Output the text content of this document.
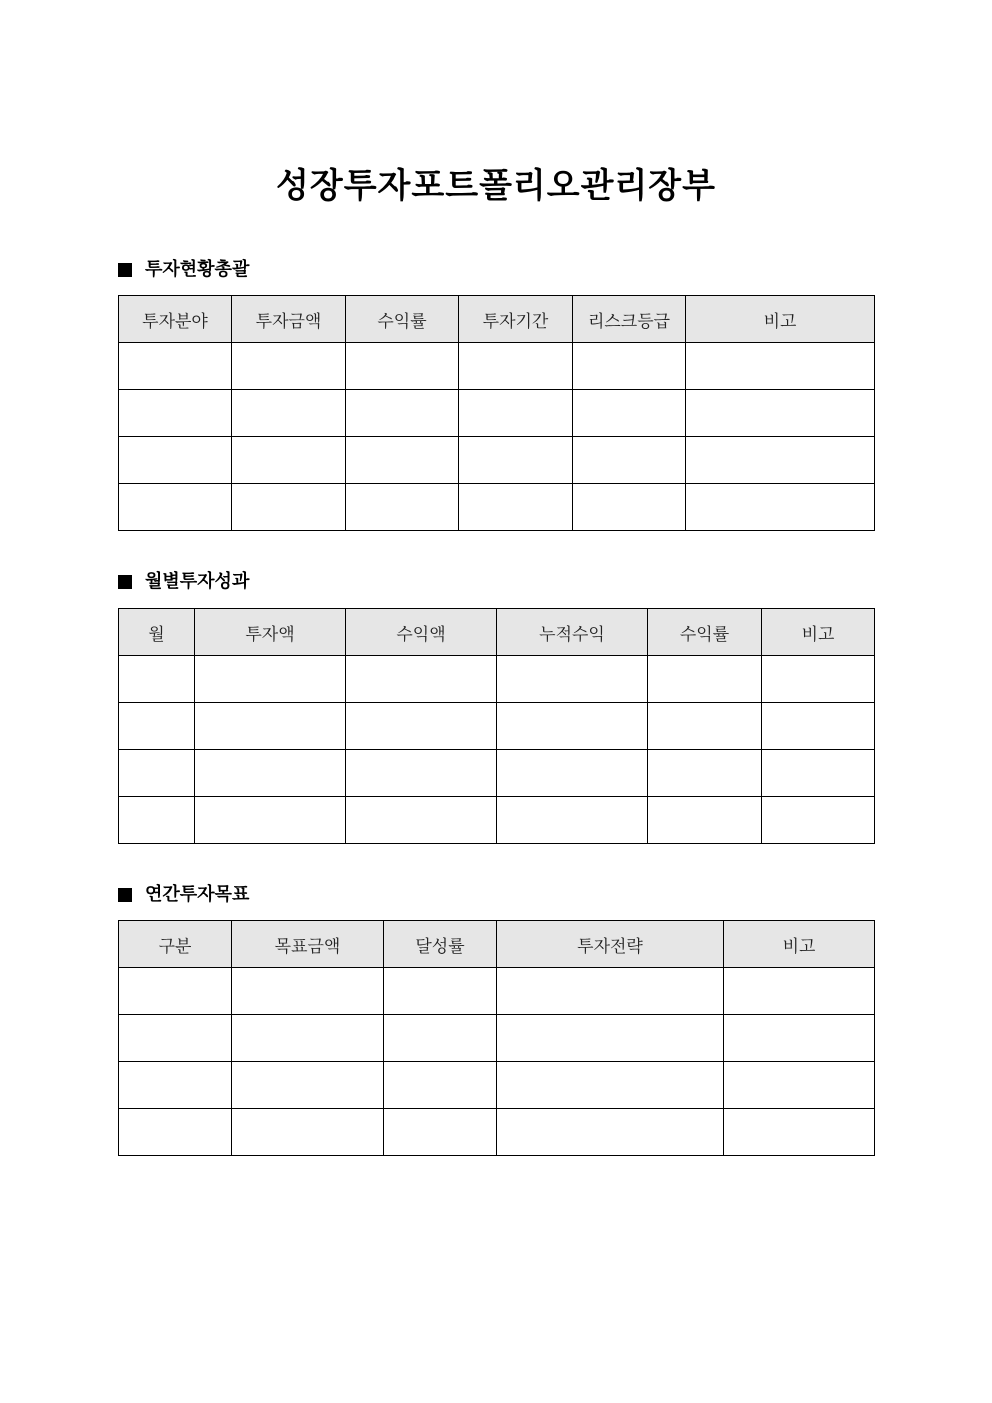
성장투자포트폴리오관리장부
투자현황총괄
투자분야	투자금액	수익률	투자기간	리스크등급	비고

월별투자성과
월	투자액	수익액	누적수익	수익률	비고

연간투자목표
구분	목표금액	달성률	투자전략	비고
